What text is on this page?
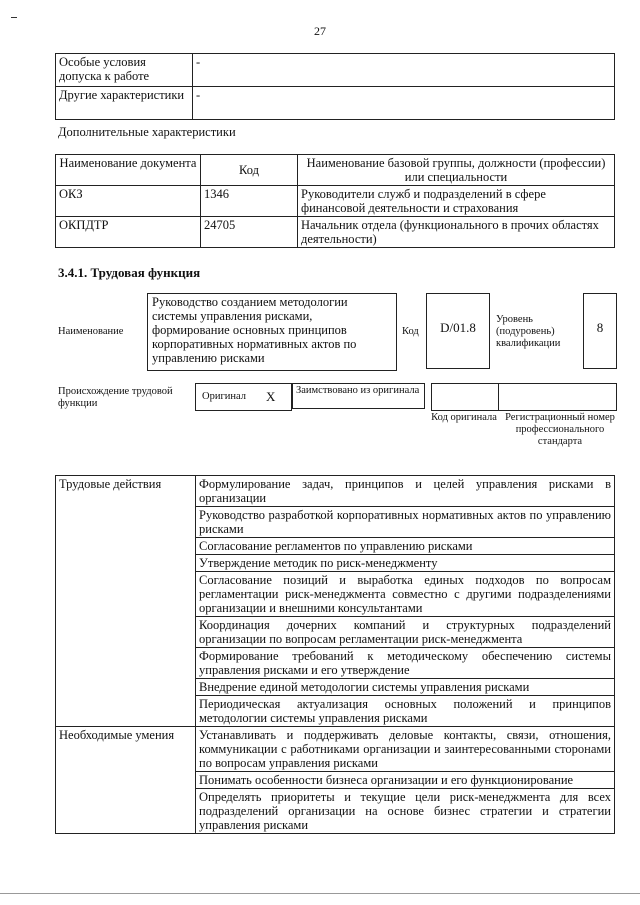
27
Особые условия допуска к работе	-
Другие характеристики	-
Дополнительные характеристики
Наименование документа	Код	Наименование базовой группы, должности (профессии) или специальности
ОКЗ	1346	Руководители служб и подразделений в сфере финансовой деятельности и страхования
ОКПДТР	24705	Начальник отдела (функционального в прочих областях деятельности)
3.4.1. Трудовая функция
Наименование
Руководство созданием методологии системы управления рисками, формирование основных принципов корпоративных нормативных актов по управлению рисками
Код	D/01.8
Уровень (подуровень) квалификации
8
Происхождение трудовой функции
Оригинал X	Заимствовано из оригинала
Код оригинала Регистрационный номер профессионального стандарта
Трудовые действия	Формулирование задач, принципов и целей управления рисками в организации
	Руководство разработкой корпоративных нормативных актов по управлению рисками
	Согласование регламентов по управлению рисками
	Утверждение методик по риск-менеджменту
	Согласование позиций и выработка единых подходов по вопросам регламентации риск-менеджмента совместно с другими подразделениями организации и внешними консультантами
	Координация дочерних компаний и структурных подразделений организации по вопросам регламентации риск-менеджмента
	Формирование требований к методическому обеспечению системы управления рисками и его утверждение
	Внедрение единой методологии системы управления рисками
	Периодическая актуализация основных положений и принципов методологии системы управления рисками
Необходимые умения	Устанавливать и поддерживать деловые контакты, связи, отношения, коммуникации с работниками организации и заинтересованными сторонами по вопросам управления рисками
	Понимать особенности бизнеса организации и его функционирование
	Определять приоритеты и текущие цели риск-менеджмента для всех подразделений организации на основе бизнес стратегии и стратегии управления рисками
